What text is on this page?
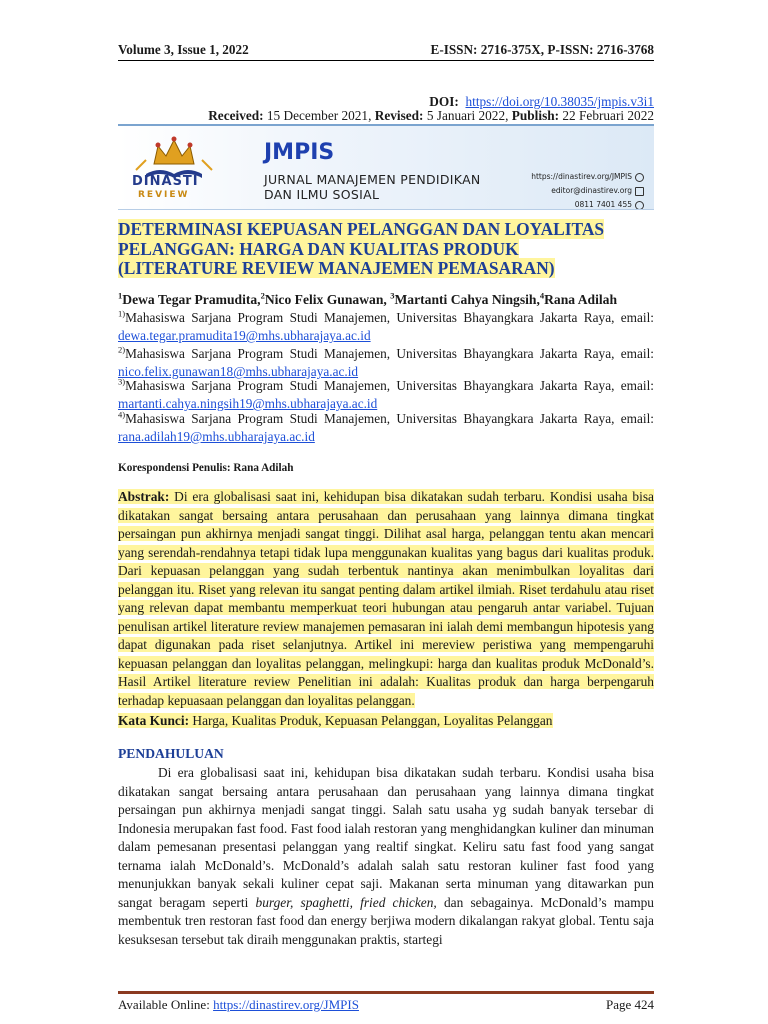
Volume 3, Issue 1, 2022	E-ISSN: 2716-375X, P-ISSN: 2716-3768
DOI: https://doi.org/10.38035/jmpis.v3i1
Received: 15 December 2021, Revised: 5 Januari 2022, Publish: 22 Februari 2022
DINASTI
REVIEW
JMPIS
JURNAL MANAJEMEN PENDIDIKAN
DAN ILMU SOSIAL
https://dinastirev.org/JMPIS
editor@dinastirev.org
0811 7401 455
DETERMINASI KEPUASAN PELANGGAN DAN LOYALITAS PELANGGAN: HARGA DAN KUALITAS PRODUK (LITERATURE REVIEW MANAJEMEN PEMASARAN)
$^1$Dewa Tegar Pramudita,$^2$Nico Felix Gunawan, $^3$Martanti Cahya Ningsih,$^4$Rana Adilah
$^{1)}$Mahasiswa Sarjana Program Studi Manajemen, Universitas Bhayangkara Jakarta Raya, email: dewa.tegar.pramudita19@mhs.ubharajaya.ac.id
$^{2)}$Mahasiswa Sarjana Program Studi Manajemen, Universitas Bhayangkara Jakarta Raya, email: nico.felix.gunawan18@mhs.ubharajaya.ac.id
$^{3)}$Mahasiswa Sarjana Program Studi Manajemen, Universitas Bhayangkara Jakarta Raya, email: martanti.cahya.ningsih19@mhs.ubharajaya.ac.id
$^{4)}$Mahasiswa Sarjana Program Studi Manajemen, Universitas Bhayangkara Jakarta Raya, email: rana.adilah19@mhs.ubharajaya.ac.id
Korespondensi Penulis: Rana Adilah
Abstrak: Di era globalisasi saat ini, kehidupan bisa dikatakan sudah terbaru. Kondisi usaha bisa dikatakan sangat bersaing antara perusahaan dan perusahaan yang lainnya dimana tingkat persaingan pun akhirnya menjadi sangat tinggi. Dilihat asal harga, pelanggan tentu akan mencari yang serendah-rendahnya tetapi tidak lupa menggunakan kualitas yang bagus dari kualitas produk. Dari kepuasan pelanggan yang sudah terbentuk nantinya akan menimbulkan loyalitas dari pelanggan itu. Riset yang relevan itu sangat penting dalam artikel ilmiah. Riset terdahulu atau riset yang relevan dapat membantu memperkuat teori hubungan atau pengaruh antar variabel. Tujuan penulisan artikel literature review manajemen pemasaran ini ialah demi membangun hipotesis yang dapat digunakan pada riset selanjutnya. Artikel ini mereview peristiwa yang mempengaruhi kepuasan pelanggan dan loyalitas pelanggan, melingkupi: harga dan kualitas produk McDonald’s. Hasil Artikel literature review Penelitian ini adalah: Kualitas produk dan harga berpengaruh terhadap kepuasaan pelanggan dan loyalitas pelanggan.
Kata Kunci: Harga, Kualitas Produk, Kepuasan Pelanggan, Loyalitas Pelanggan
PENDAHULUAN
Di era globalisasi saat ini, kehidupan bisa dikatakan sudah terbaru. Kondisi usaha bisa dikatakan sangat bersaing antara perusahaan dan perusahaan yang lainnya dimana tingkat persaingan pun akhirnya menjadi sangat tinggi. Salah satu usaha yg sudah banyak tersebar di Indonesia merupakan fast food. Fast food ialah restoran yang menghidangkan kuliner dan minuman dalam pemesanan presentasi pelanggan yang realtif singkat. Keliru satu fast food yang sangat ternama ialah McDonald’s. McDonald’s adalah salah satu restoran kuliner fast food yang menunjukkan banyak sekali kuliner cepat saji. Makanan serta minuman yang ditawarkan pun sangat beragam seperti burger, spaghetti, fried chicken, dan sebagainya. McDonald’s mampu membentuk tren restoran fast food dan energy berjiwa modern dikalangan rakyat global. Tentu saja kesuksesan tersebut tak diraih menggunakan praktis, startegi
Available Online: https://dinastirev.org/JMPIS	Page 424
